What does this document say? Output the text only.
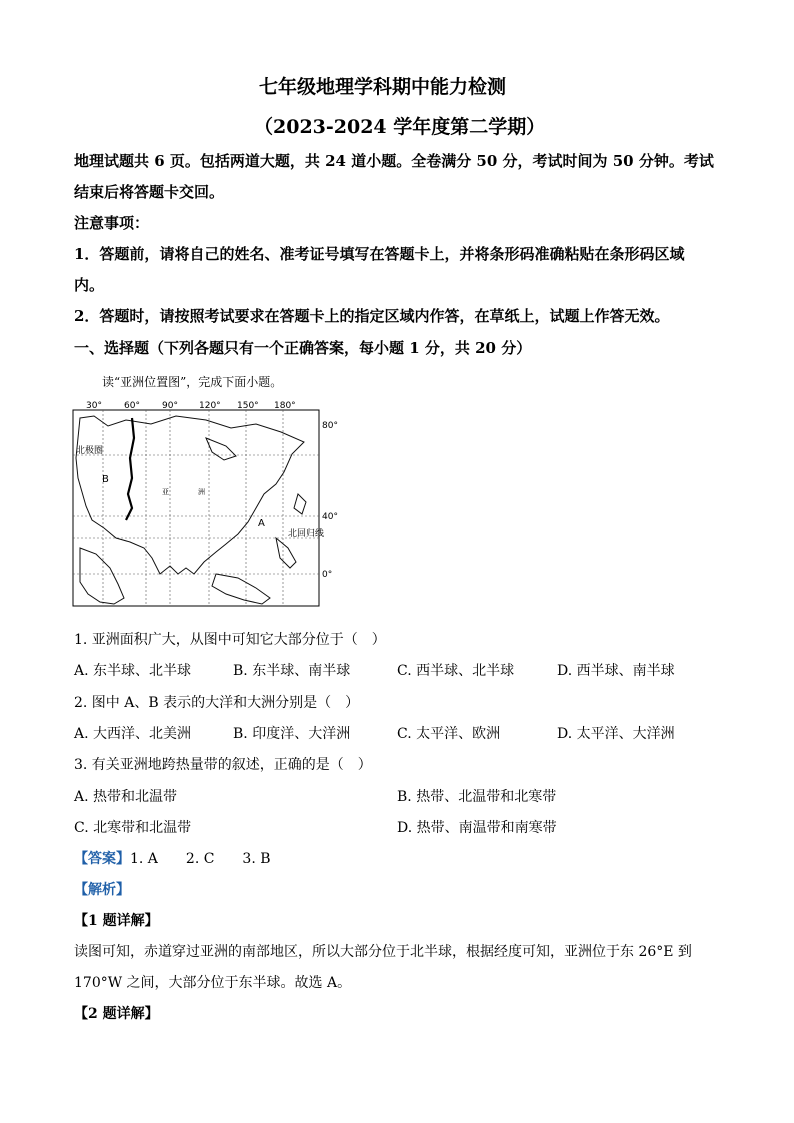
七年级地理学科期中能力检测
（2023-2024 学年度第二学期）
地理试题共 6 页。包括两道大题，共 24 道小题。全卷满分 50 分，考试时间为 50 分钟。考试
结束后将答题卡交回。
注意事项：
1．答题前，请将自己的姓名、准考证号填写在答题卡上，并将条形码准确粘贴在条形码区域
内。
2．答题时，请按照考试要求在答题卡上的指定区域内作答，在草纸上，试题上作答无效。
一、选择题（下列各题只有一个正确答案，每小题 1 分，共 20 分）
读“亚洲位置图”，完成下面小题。
30° 60° 90° 120° 150° 180°
80°
40°
0°
北极圈
北回归线
B
A
亚	洲
1. 亚洲面积广大，从图中可知它大部分位于（　）
A. 东半球、北半球	B. 东半球、南半球	C. 西半球、北半球	D. 西半球、南半球
2. 图中 A、B 表示的大洋和大洲分别是（　）
A. 大西洋、北美洲	B. 印度洋、大洋洲	C. 太平洋、欧洲	D. 太平洋、大洋洲
3. 有关亚洲地跨热量带的叙述，正确的是（　）
A. 热带和北温带	B. 热带、北温带和北寒带
C. 北寒带和北温带	D. 热带、南温带和南寒带
【答案】1. A　　2. C　　3. B
【解析】
【1 题详解】
读图可知，赤道穿过亚洲的南部地区，所以大部分位于北半球，根据经度可知，亚洲位于东 26°E 到
170°W 之间，大部分位于东半球。故选 A。
【2 题详解】
